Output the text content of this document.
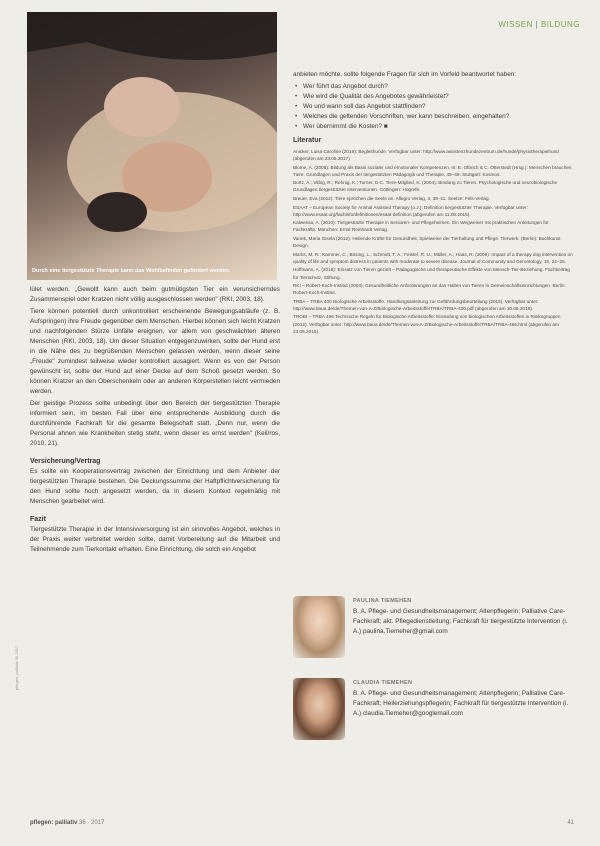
WISSEN | BILDUNG
Durch eine tiergestützte Therapie kann das Wohlbefinden gefördert werden.

lület werden. „Gewollt kann auch beim gutmütigsten Tier ein verunsicherndes Zusammenspiel oder Kratzen nicht völlig ausgeschlossen werden" (RKI, 2003, 18).

Tiere können potentiell durch unkontrolliert erscheinende Bewegungsabläufe (z. B. Aufspringen) ihre Freude gegenüber dem Menschen. Hierbei können sich leicht Kratzen und nachfolgenden Stürze Unfälle ereignen, vor allem von geschwächten älteren Menschen (RKI, 2003, 18). Um dieser Situation entgegenzuwirken, sollte der Hund erst in die Nähe des zu begrüßenden Menschen gelassen werden, wenn dieser seine „Freude" zumindest teilweise wieder kontrolliert ausagiert. Wenn es von der Person gewünscht ist, sollte der Hund auf einer Decke auf dem Schoß gesetzt werden. So können Kratzer an den Oberschenkeln oder an anderen Körperstellen leicht vermieden werden.

Der geistige Prozess sollte unbedingt über den Bereich der tiergestützten Therapie informiert sein, im besten Fall über eine entsprechende Ausbildung durch die durchführende Fachkraft für die gesamte Belegschaft statt. „Denn nur, wenn die Personal ahnen wie Krankheiten stetig steht, wenn dieser es ernst werden" (Keil/ros, 2010, 21).

Versicherung/Vertrag

Es sollte ein Kooperationsvertrag zwischen der Einrichtung und dem Anbieter der tiergestützten Therapie bestehen. Die Deckungssumme der Haftpflichtversicherung für den Hund sollte hoch angesetzt werden, da in diesem Kontext regelmäßig mit Menschen gearbeitet wird.

Fazit

Tiergestützte Therapie in der Intensivversorgung ist ein sinnvolles Angebot, welches in der Praxis weiter verbreitet werden sollte, damit Vorbereitung auf die Mitarbeit und Teilnehmende zum Tierkontakt erhalten. Eine Einrichtung, die solch ein Angebot

anbieten möchte, sollte folgende Fragen für sich im Vorfeld beantwortet haben:

• Wer führt das Angebot durch?
• Wie wird die Qualität des Angebotes gewährleistet?
• Wo und wann soll das Angebot stattfinden?
• Welches die geltenden Vorschriften, wer kann beschreiben, eingehalten?
• Wer übernimmt die Kosten? ■
Literatur

Anicker, Luisa Caroline (2016): Begleithunde. Verfügbar unter: http://www.assistenzhundezentrum.de/hunde/physiotherapiehund (abgerufen am 23.05.2017)

Blome, A. (2008): Bildung als Basis sozialer und emotionaler Kompetenzen. In: E. Olbrich & C. Otterstedt (Hrsg.): Menschen brauchen Tiere. Grundlagen und Praxis der tiergestützten Pädagogik und Therapie, 45–49. Stuttgart: Kosmos.

Bortz, A.; Vilbig, R.; Rehnig, K.; Turner, D.C. Tiere-Mitglied, K. (2004): Bindung zu Tieren. Psychologische und neurobiologische Grundlagen tiergestützter Interventionen. Göttingen: Hogrefe.

Breuer, Eva (2012): Tiere sprechen die Seele an. Allegro Verlag, 4, 38–11. Seelze: Fels-Verlag.

ESAAT – European Society for Animal Assisted Therapy (o.J.): Definition tiergestützter Therapie. Verfügbar unter: http://www.esaat.org/fachinfo/definitionen/esaat-definition (abgerufen am 11.06.2015).

Kalwessa, A. (2010): Tiergestützte Therapie in Senioren- und Pflegeheimen. Ein Wegweiser mit praktischen Anleitungen für Fachkräfte. München: Ernst Reinhardt Verlag.

Vanek, Maria Gisela (2012): Heilende Kräfte für Gesundheit, Spielweise der Tierhaltung und Pflege. Tierwerk. (Berlin): Buchkunst Design.

Marks, M. R.; Kammer, C.; Bösing, L.; Schmidt, T. A.; Feistel, R. U.; Müller, A.; Haas, R. (2009): Impact of a therapy dog intervention on quality of life and symptom distress in patients with moderate to severe disease. Journal of Community and Gerontology, 15, 22–25.

Hoffmann, A. (2018): Einsatz von Tieren gezielt – Pädagogische und therapeutische Effekte von Mensch-Tier-Beziehung. Fachbeitrag für Tierschutz, Stiftung.

RKI – Robert-Koch-Institut (2003): Gesundheitliche Anforderungen an das Halten von Tieren in Gemeinschaftseinrichtungen. Berlin: Robert-Koch-Institut.

TRBA – TRBA 400 Biologische Arbeitsstoffe. Handlungsanleitung zur Gefährdungsbeurteilung (2016). Verfügbar unter: http://www.baua.de/de/Themen-von-A-Z/Biologische-Arbeitsstoffe/TRBA/TRBA-400.pdf (abgerufen am 10.05.2016).

TROBI – TRBA 466 Technische Regeln für Biologische Arbeitsstoffe: Einstufung von biologischen Arbeitsstoffen in Risikogruppen (2012). Verfügbar unter: http://www.baua.de/de/Themen-von-A-Z/Biologische-Arbeitsstoffe/TRBA/TRBA-466.html (abgerufen am 23.05.2016).

PAULINA TIEMEHEN
B. A. Pflege- und Gesundheitsmanagement; Altenpflegerin; Palliative Care-Fachkraft; akt. Pflegedienstleitung; Fachkraft für tiergestützte Intervention (i. A.) paulina.Tiemeher@gmail.com
CLAUDIA TIEMEHEN
B. A. Pflege- und Gesundheitsmanagement; Altenpflegerin; Palliative Care-Fachkraft; Heilerziehungspflegerin; Fachkraft für tiergestützte Intervention (i. A.) claudia.Tiemeher@googlemail.com
pflegen: palliativ 36 2017
pflegen: palliativ 36 · 2017	41
